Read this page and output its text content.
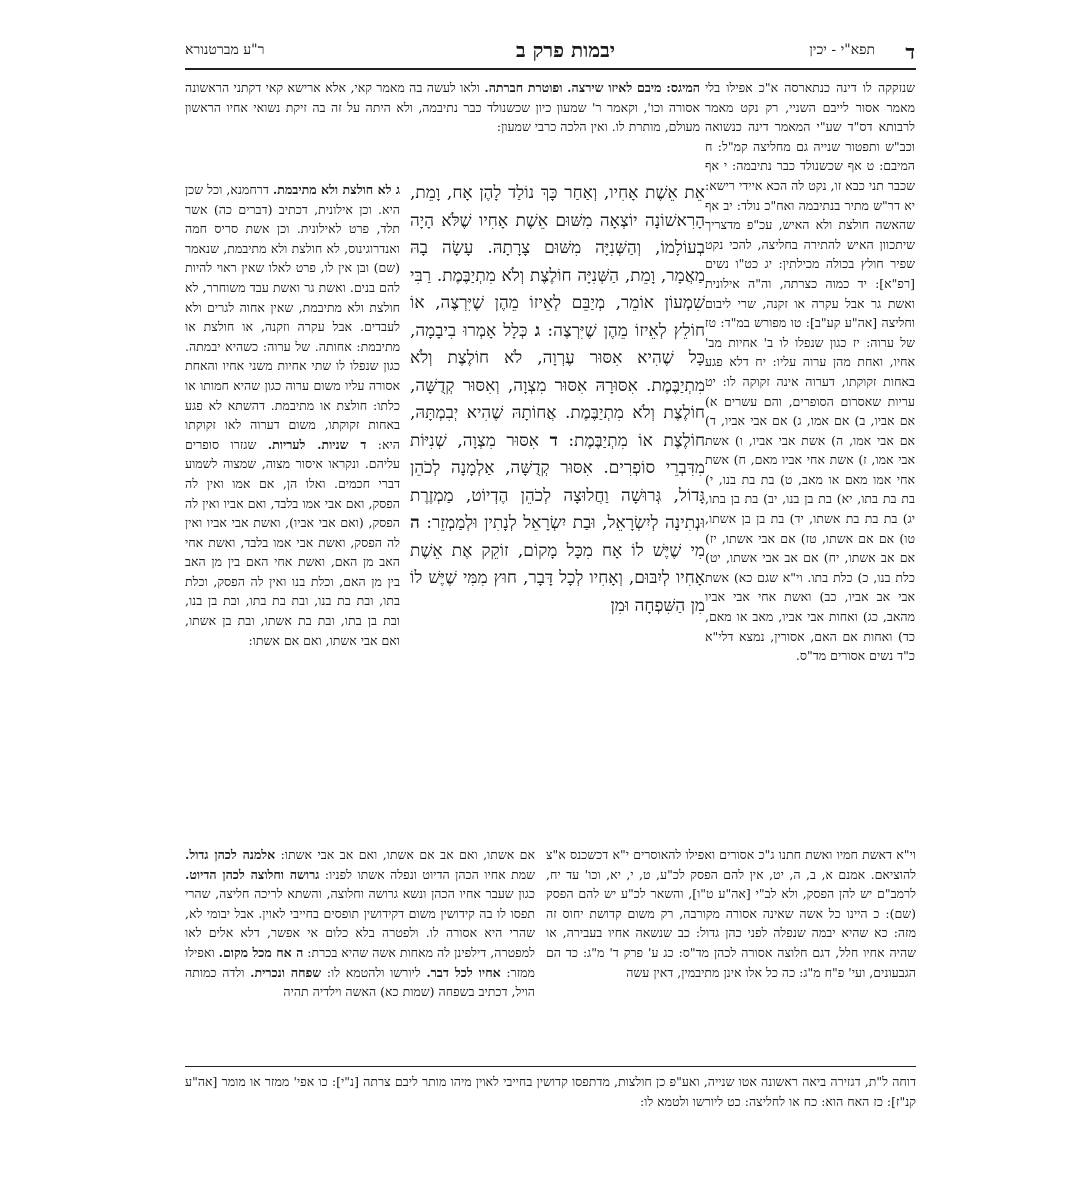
ד
תפא"י - יכין
יבמות פרק ב
ר"ע מברטנורא

שנזקקה לו דינה כנתארסה א"כ אפילו בלי מאמר אסור לייבם השניי, רק נקט מאמר לרבותא דס"ד שע"י המאמר דינה כנשואה וכב"ש ותפטור שנייה גם מחליצה קמ"ל: ח המיבם: ט אף שכשנולד כבר נתיבמה: י אף שכבר תני כבא זו, נקט לה הכא איידי רישא: יא דר"ש מתיר בנתיבמה ואח"כ נולד: יב אף שהאשה חולצת ולא האיש, עכ"פ מדצריך שיתכוון האיש להתירה בחליצה, להכי נקט שפיר חולץ בכולה מכילתין: יג כט"ו נשים [רפ"א]: יד כמוה כצרתה, וה"ה אילונית ואשת גר אבל עקרה או זקנה, שרי ליבום וחליצה [אה"ע קע"ב]: טו מפורש במ"ד: טז של ערוה: יז כגון שנפלו לו ב' אחיות מב' אחיו, ואחת מהן ערוה עליו: יח דלא פגע באחות זקוקתו, דערוה אינה זקוקה לו: יט עריות שאסרום הסופרים, והם עשרים א) אם אביו, ב) אם אמו, ג) אם אבי אביו, ד) אם אבי אמו, ה) אשת אבי אביו, ו) אשת אבי אמו, ז) אשת אחי אביו מאם, ח) אשת אחי אמו מאם או מאב, ט) בת בת בנו, י) בת בת בתו, יא) בת בן בנו, יב) בת בן בתו, יג) בת בת בת אשתו, יד) בת בן בן אשתו, טו) אם אם אשתו, טז) אם אבי אשתו, יז) אם אב אשתו, יח) אם אב אבי אשתו, יט) כלת בנו, כ) כלת בתו. וי"א שגם כא) אשת אבי אב אביו, כב) ואשת אחי אבי אביו מהאב, כג) ואחות אבי אביו, מאב או מאם, כד) ואחות אם האם, אסורין, נמצא דלי"א כ"ד נשים אסורים מד"ס.

המיגס: מיבם לאיזו שירצה. ופוטרת חברתה. ולאו לעשה בה מאמר קאי, אלא ארישא קאי דקתני הראשונה אסורה וכו', וקאמר ר' שמעון כיון שכשנולד כבר נתיבמה, ולא היתה על זה בה זיקת נשואי אחיו הראשון מעולם, מותרת לו. ואין הלכה כרבי שמעון:

ג לא חולצת ולא מתיבמת. דרחמנא, וכל שכן היא. וכן אילונית, דכתיב (דברים כה) אשר תלד, פרט לאילונית. וכן אשת סריס חמה ואנדרוגינוס, לא חולצת ולא מתיבמת, שנאמר (שם) ובן אין לו, פרט לאלו שאין ראוי להיות להם בנים. ואשת גר ואשת עבד משוחרר, לא חולצת ולא מתיבמת, שאין אחוה לגרים ולא לעבדים. אבל עקרה וזקנה, או חולצת או מתיבמת: אחותה. של ערוה: כשהיא יבמתה. כגון שנפלו לו שתי אחיות משני אחיו והאחת אסורה עליו משום ערוה כגון שהיא חמותו או כלתו: חולצת או מתיבמת. דהשתא לא פגע באחות זקוקתו, משום דערוה לאו זקוקתו היא: ד שניות. לעריות. שגזרו סופרים עליהם. ונקראו איסור מצוה, שמצוה לשמוע דברי חכמים. ואלו הן, אם אמו ואין לה הפסק, ואם אבי אמו בלבד, ואם אביו ואין לה הפסק, (ואם אבי אביו), ואשת אבי אביו ואין לה הפסק, ואשת אבי אמו בלבד, ואשת אחי האב מן האם, ואשת אחי האם בין מן האב בין מן האם, וכלת בנו ואין לה הפסק, וכלת בתו, ובת בת בנו, ובת בת בתו, ובת בן בנו, ובת בן בתו, ובת בת אשתו, ובת בן אשתו, ואם אבי אשתו, ואם אם אשתו:

אֵת אֵשֶׁת אָחִיו, וְאַחַר כָּךְ נוֹלַד לָהֶן אָח, וָמֵת, הָרִאשׁוֹנָה יוֹצְאָה מִשּׁוּם אֵשֶׁת אָחִיו שֶׁלֹּא הָיָה בְעוֹלָמוֹ, וְהַשְּׁנִיָּה מִשּׁוּם צָרָתָהּ. עָשָׂה בָהּ מַאֲמָר, וָמֵת, הַשְּׁנִיָּה חוֹלֶצֶת וְלֹא מִתְיַבֶּמֶת. רַבִּי שִׁמְעוֹן אוֹמֵר, מְיַבֵּם לְאֵיזוֹ מֵהֶן שֶׁיִּרְצֶה, אוֹ חוֹלֵץ לְאֵיזוֹ מֵהֶן שֶׁיִּרְצֶה: ג כְּלָל אָמְרוּ בִיבָמָה, כָּל שֶׁהִיא אִסּוּר עֶרְוָה, לֹא חוֹלֶצֶת וְלֹא מִתְיַבֶּמֶת. אִסּוּרָהּ אִסּוּר מִצְוָה, וְאִסּוּר קְדֻשָּׁה, חוֹלֶצֶת וְלֹא מִתְיַבֶּמֶת. אֲחוֹתָהּ שֶׁהִיא יְבִמְתָּהּ, חוֹלֶצֶת אוֹ מִתְיַבֶּמֶת: ד אִסּוּר מִצְוָה, שְׁנִיּוֹת מִדִּבְרֵי סוֹפְרִים. אִסּוּר קְדֻשָּׁה, אַלְמָנָה לְכֹהֵן גָּדוֹל, גְּרוּשָׁה וַחֲלוּצָה לְכֹהֵן הֶדְיוֹט, מַמְזֶרֶת וּנְתִינָה לְיִשְׂרָאֵל, וּבַת יִשְׂרָאֵל לְנָתִין וּלְמַמְזֵר: ה מִי שֶׁיֶּשׁ לוֹ אָח מִכָּל מָקוֹם, זוֹקֵק אֶת אֵשֶׁת אָחִיו לְיִבּוּם, וְאָחִיו לְכָל דָּבָר, חוּץ מִמִּי שֶׁיֶּשׁ לוֹ מִן הַשִּׁפְחָה וּמִן
וי"א דאשת חמיו ואשת חתנו ג"כ אסורים ואפילו להאוסרים י"א דכשכנס א"צ להוציאם. אמנם א, ב, ה, יט, אין להם הפסק לכ"ע, ט, י, יא, וכו' עד יח, לרמב"ם יש להן הפסק, ולא לב"י [אה"ע ט"ו], והשאר לכ"ע יש להם הפסק (שם): כ היינו כל אשה שאינה אסורה מקורבה, רק משום קדושת יחוס זה מזה: כא שהיא יבמה שנפלה לפני כהן גדול: כב שנשאה אחיו בעבירה, או שהיה אחיו חלל, דגם חלוצה אסורה לכהן מד"ס: כג ע' פרק ד' מ"ג: כד הם הגבעונים, ועי' פ"ח מ"ג: כה כל אלו אינן מתיבמין, דאין עשה
אם אשתו, ואם אב אם אשתו, ואם אב אבי אשתו: אלמנה לכהן גדול. שמת אחיו הכהן הדיוט ונפלה אשתו לפניו: גרושה וחלוצה לכהן הדיוט. כגון שעבר אחיו הכהן ונשא גרושה וחלוצה, והשתא לריכה חליצה, שהרי תפסו לו בה קידושין משום דקידושין תופסים בחייבי לאוין. אבל יבומי לא, שהרי היא אסורה לו. ולפטרה בלא כלום אי אפשר, דלא אלים לאו למפטרה, דילפינן לה מאחות אשה שהיא בכרת: ה אח מכל מקום. ואפילו ממזר: אחיו לכל דבר. ליורשו ולהטמא לו: שפחה ונכרית. ולדה כמותה הויל, דכתיב בשפחה (שמות כא) האשה וילדיה תהיה
דוחה ל"ת, דגזירה ביאה ראשונה אטו שנייה, ואע"פ כן חולצות, מדתפסו קדושין בחייבי לאוין מיהו מותר ליבם צרתה [נ"י]: כו אפי' ממזר או מומר [אה"ע קנ"ז]: כז האח הוא: כח או לחליצה: כט ליורשו ולטמא לו:
